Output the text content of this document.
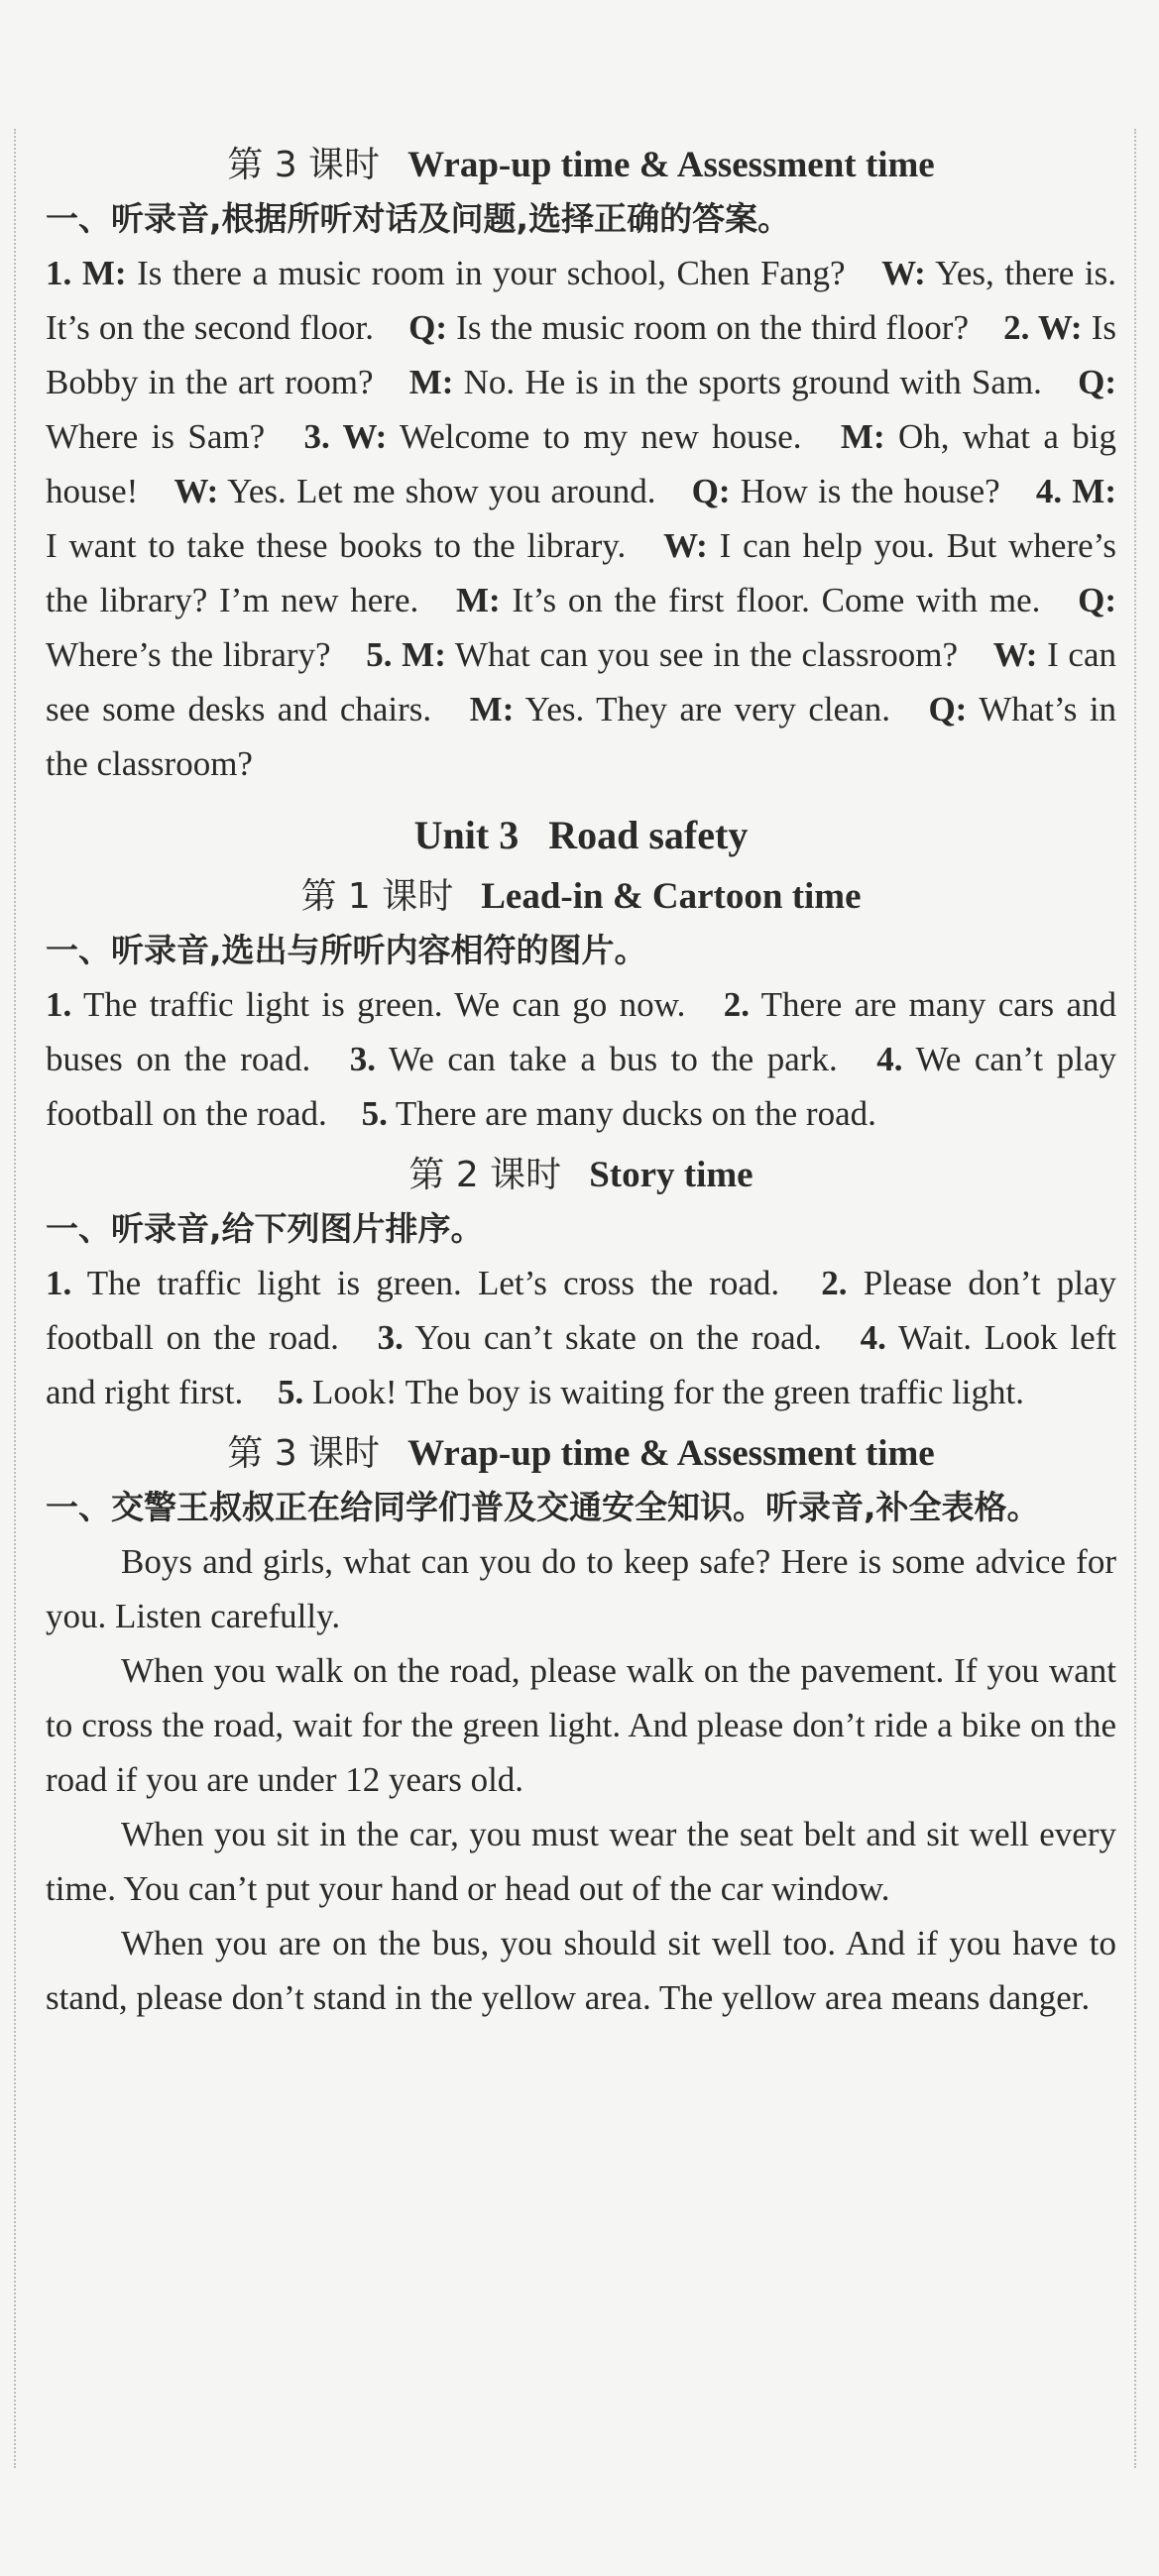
第 3 课时 Wrap-up time & Assessment time

一、听录音,根据所听对话及问题,选择正确的答案。

1. M: Is there a music room in your school, Chen Fang? W: Yes, there is. It’s on the second floor. Q: Is the music room on the third floor? 2. W: Is Bobby in the art room? M: No. He is in the sports ground with Sam. Q: Where is Sam? 3. W: Welcome to my new house. M: Oh, what a big house! W: Yes. Let me show you around. Q: How is the house? 4. M: I want to take these books to the library. W: I can help you. But where’s the library? I’m new here. M: It’s on the first floor. Come with me. Q: Where’s the library? 5. M: What can you see in the classroom? W: I can see some desks and chairs. M: Yes. They are very clean. Q: What’s in the classroom?

Unit 3 Road safety
第 1 课时 Lead-in & Cartoon time

一、听录音,选出与所听内容相符的图片。

1. The traffic light is green. We can go now. 2. There are many cars and buses on the road. 3. We can take a bus to the park. 4. We can’t play football on the road. 5. There are many ducks on the road.

第 2 课时 Story time

一、听录音,给下列图片排序。

1. The traffic light is green. Let’s cross the road. 2. Please don’t play football on the road. 3. You can’t skate on the road. 4. Wait. Look left and right first. 5. Look! The boy is waiting for the green traffic light.

第 3 课时 Wrap-up time & Assessment time

一、交警王叔叔正在给同学们普及交通安全知识。听录音,补全表格。

Boys and girls, what can you do to keep safe? Here is some advice for you. Listen carefully.

When you walk on the road, please walk on the pavement. If you want to cross the road, wait for the green light. And please don’t ride a bike on the road if you are under 12 years old.

When you sit in the car, you must wear the seat belt and sit well every time. You can’t put your hand or head out of the car window.

When you are on the bus, you should sit well too. And if you have to stand, please don’t stand in the yellow area. The yellow area means danger.
